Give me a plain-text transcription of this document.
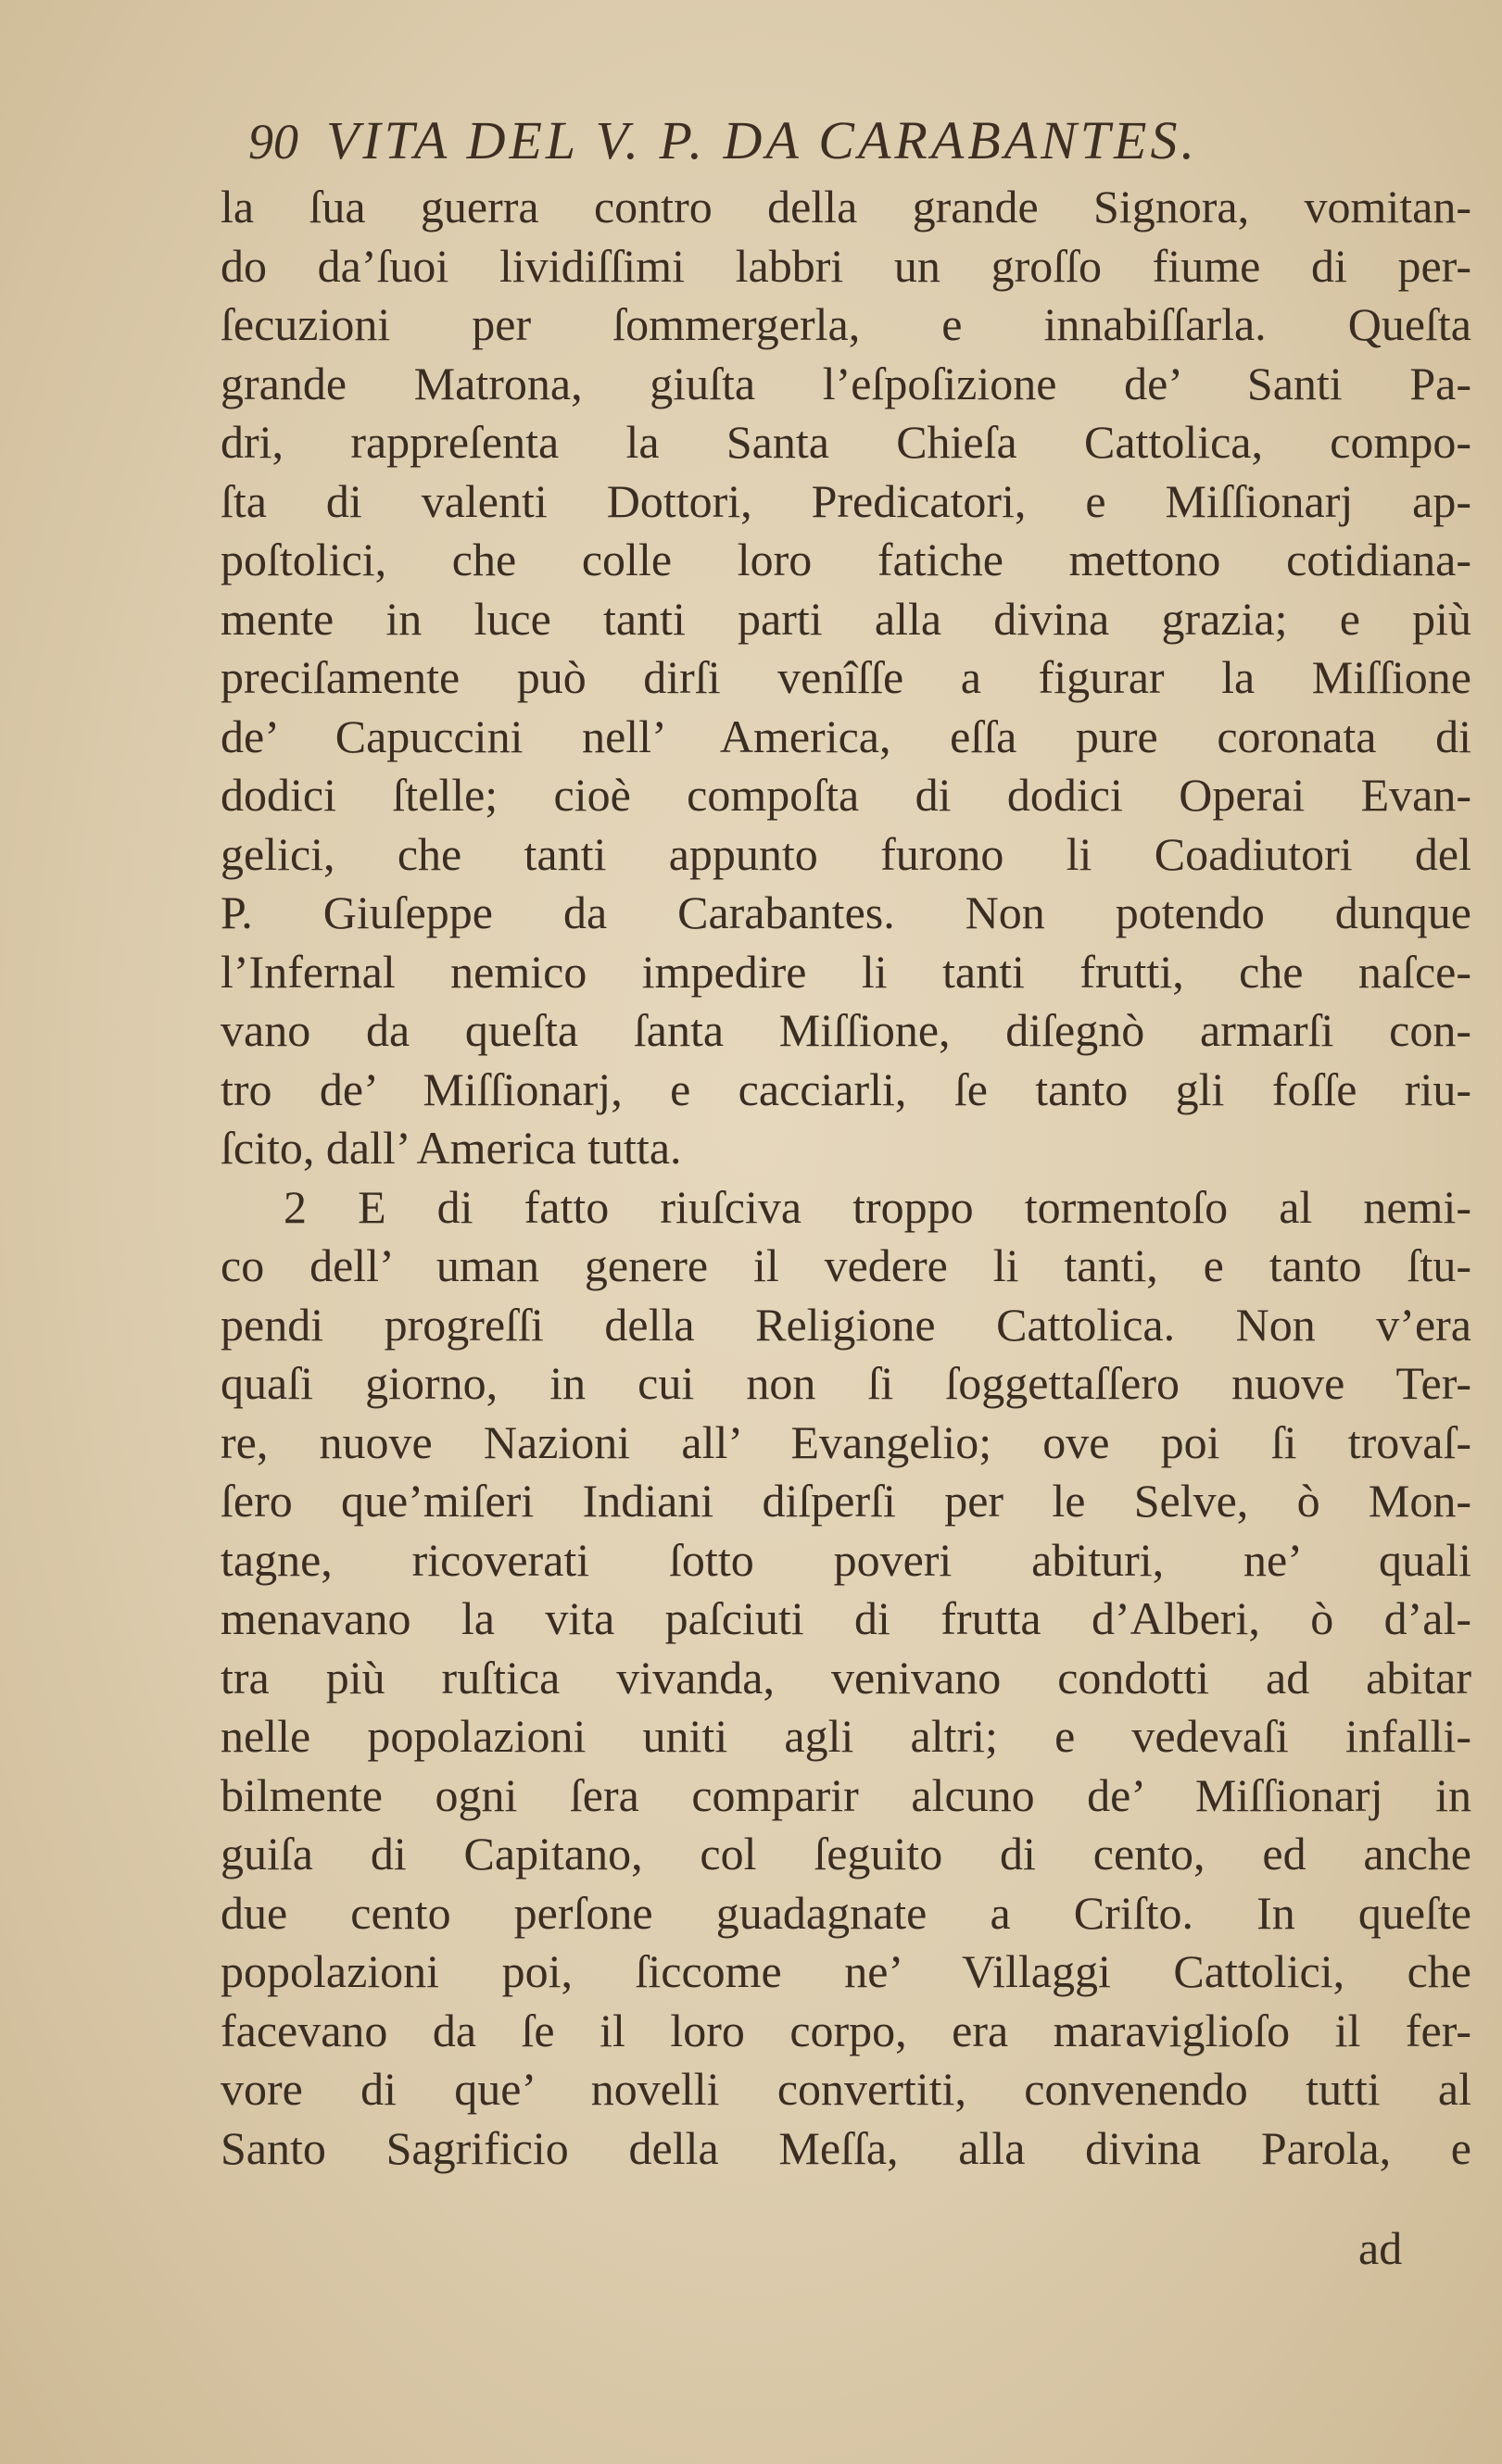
90 VITA DEL V. P. DA CARABANTES.
la ſua guerra contro della grande Signora, vomitan-
do da’ſuoi lividiſſimi labbri un groſſo fiume di per-
ſecuzioni per ſommergerla, e innabiſſarla. Queſta
grande Matrona, giuſta l’eſpoſizione de’ Santi Pa-
dri, rappreſenta la Santa Chieſa Cattolica, compo-
ſta di valenti Dottori, Predicatori, e Miſſionarj ap-
poſtolici, che colle loro fatiche mettono cotidiana-
mente in luce tanti parti alla divina grazia; e più
preciſamente può dirſi venîſſe a figurar la Miſſione
de’ Capuccini nell’ America, eſſa pure coronata di
dodici ſtelle; cioè compoſta di dodici Operai Evan-
gelici, che tanti appunto furono li Coadiutori del
P. Giuſeppe da Carabantes. Non potendo dunque
l’Infernal nemico impedire li tanti frutti, che naſce-
vano da queſta ſanta Miſſione, diſegnò armarſi con-
tro de’ Miſſionarj, e cacciarli, ſe tanto gli foſſe riu-
ſcito, dall’ America tutta.
2 E di fatto riuſciva troppo tormentoſo al nemi-
co dell’ uman genere il vedere li tanti, e tanto ſtu-
pendi progreſſi della Religione Cattolica. Non v’era
quaſi giorno, in cui non ſi ſoggettaſſero nuove Ter-
re, nuove Nazioni all’ Evangelio; ove poi ſi trovaſ-
ſero que’miſeri Indiani diſperſi per le Selve, ò Mon-
tagne, ricoverati ſotto poveri abituri, ne’ quali
menavano la vita paſciuti di frutta d’Alberi, ò d’al-
tra più ruſtica vivanda, venivano condotti ad abitar
nelle popolazioni uniti agli altri; e vedevaſi infalli-
bilmente ogni ſera comparir alcuno de’ Miſſionarj in
guiſa di Capitano, col ſeguito di cento, ed anche
due cento perſone guadagnate a Criſto. In queſte
popolazioni poi, ſiccome ne’ Villaggi Cattolici, che
facevano da ſe il loro corpo, era maraviglioſo il fer-
vore di que’ novelli convertiti, convenendo tutti al
Santo Sagrificio della Meſſa, alla divina Parola, e
ad
